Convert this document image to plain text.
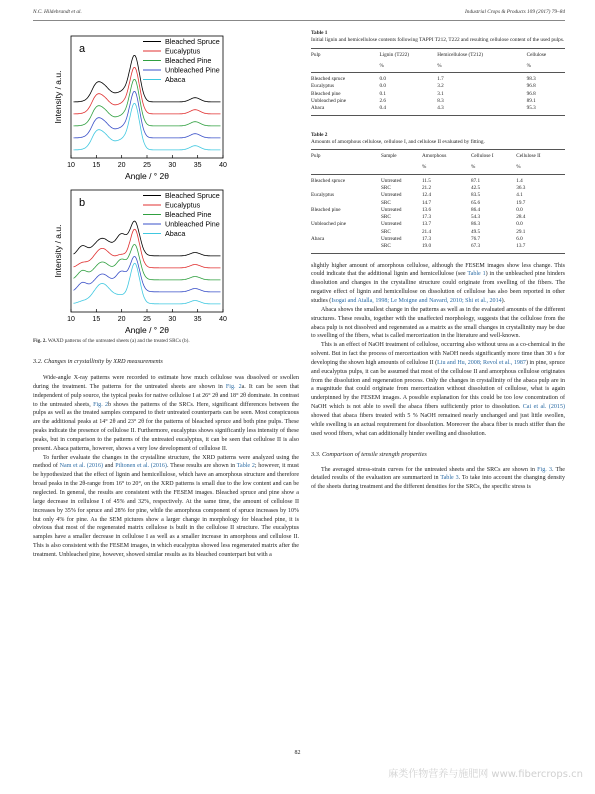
N.C. Hildebrandt et al.	Industrial Crops & Products 109 (2017) 79–84
10	15	20	25	30	35	40
Angle / ° 2θ
Intensity / a.u.
a
Bleached Spruce
Eucalyptus
Bleached Pine
Unbleached Pine
Abaca
10	15	20	25	30	35	40
Angle / ° 2θ
Intensity / a.u.
b
Bleached Spruce
Eucalyptus
Bleached Pine
Unbleached Pine
Abaca
Fig. 2. WAXD patterns of the untreated sheets (a) and the treated SRCs (b).
3.2. Changes in crystallinity by XRD measurements

Wide-angle X-ray patterns were recorded to estimate how much cellulose was dissolved or swollen during the treatment. The patterns for the untreated sheets are shown in Fig. 2a. It can be seen that independent of pulp source, the typical peaks for native cellulose I at 26° 2θ and 18° 2θ dominate. In contrast to the untreated sheets, Fig. 2b shows the patterns of the SRCs. Here, significant differences between the pulps as well as the treated samples compared to their untreated counterparts can be seen. Most conspicuous are the additional peaks at 14° 2θ and 23° 2θ for the patterns of bleached spruce and both pine pulps. These peaks indicate the presence of cellulose II. Furthermore, eucalyptus shows significantly less intensity of these peaks, but in comparison to the patterns of the untreated eucalyptus, it can be seen that cellulose II is also present. Abaca patterns, however, shows a very low development of cellulose II.

To further evaluate the changes in the crystalline structure, the XRD patterns were analyzed using the method of Nam et al. (2016) and Piltonen et al. (2016). These results are shown in Table 2; however, it must be hypothesized that the effect of lignin and hemicellulose, which have an amorphous structure and therefore broad peaks in the 2θ-range from 16° to 20°, on the XRD patterns is small due to the low content and can be neglected. In general, the results are consistent with the FESEM images. Bleached spruce and pine show a large decrease in cellulose I of 45% and 32%, respectively. At the same time, the amount of cellulose II increases by 35% for spruce and 28% for pine, while the amorphous component of spruce increases by 10% but only 4% for pine. As the SEM pictures show a larger change in morphology for bleached pine, it is obvious that most of the regenerated matrix cellulose is built in the cellulose II structure. The eucalyptus samples have a smaller decrease in cellulose I as well as a smaller increase in amorphous and cellulose II. This is also consistent with the FESEM images, in which eucalyptus showed less regenerated matrix after the treatment. Unbleached pine, however, showed similar results as its bleached counterpart but with a

Table 1
Initial lignin and hemicellulose contents following TAPPI T212, T222 and resulting cellulose content of the used pulps.
Pulp	Lignin (T222)	Hemicellulose (T212)	Cellulose
	%	%	%
Bleached spruce	0.0	1.7	98.3
Eucalyptus	0.0	3.2	96.8
Bleached pine	0.1	3.1	96.8
Unbleached pine	2.6	8.3	89.1
Abaca	0.4	4.3	95.3
Table 2
Amounts of amorphous cellulose, cellulose I, and cellulose II evaluated by fitting.
Pulp	Sample	Amorphous	Cellulose I	Cellulose II
		%	%	%
Bleached spruce	Untreated	11.5	87.1	1.4
	SRC	21.2	42.5	36.3
Eucalyptus	Untreated	12.4	83.5	4.1
	SRC	14.7	65.6	19.7
Bleached pine	Untreated	13.6	86.4	0.0
	SRC	17.3	54.3	28.4
Unbleached pine	Untreated	13.7	86.3	0.0
	SRC	21.4	49.5	29.1
Abaca	Untreated	17.3	76.7	6.0
	SRC	19.0	67.3	13.7

slightly higher amount of amorphous cellulose, although the FESEM images show less change. This could indicate that the additional lignin and hemicellulose (see Table 1) in the unbleached pine hinders dissolution and changes in the crystalline structure could originate from swelling of the fibers. The negative effect of lignin and hemicellulose on dissolution of cellulose has also been reported in other studies (Isogai and Atalla, 1998; Le Moigne and Navard, 2010; Shi et al., 2014).

Abaca shows the smallest change in the patterns as well as in the evaluated amounts of the different structures. These results, together with the unaffected morphology, suggests that the cellulose from the abaca pulp is not dissolved and regenerated as a matrix as the small changes in crystallinity may be due to swelling of the fibers, what is called mercerization in the literature and well-known.

This is an effect of NaOH treatment of cellulose, occurring also without urea as a co-chemical in the solvent. But in fact the process of mercerization with NaOH needs significantly more time than 30 s for developing the shown high amounts of cellulose II (Liu and Hu, 2008; Revol et al., 1987) in pine, spruce and eucalyptus pulps, it can be assumed that most of the cellulose II and amorphous cellulose originates from the dissolution and regeneration process. Only the changes in crystallinity of the abaca pulp are in a magnitude that could originate from mercerization without dissolution of cellulose, what is again underpinned by the FESEM images. A possible explanation for this could be too low concentration of NaOH which is not able to swell the abaca fibers sufficiently prior to dissolution. Cai et al. (2015) showed that abaca fibers treated with 5 % NaOH remained nearly unchanged and just little swollen, while swelling is an actual requirement for dissolution. Moreover the abaca fiber is much stiffer than the used wood fibers, what can additionally hinder swelling and dissolution.

3.3. Comparison of tensile strength properties

The averaged stress-strain curves for the untreated sheets and the SRCs are shown in Fig. 3. The detailed results of the evaluation are summarized in Table 3. To take into account the changing density of the sheets during treatment and the different densities for the SRCs, the specific stress is

82
麻类作物营养与施肥网 www.fibercrops.cn
